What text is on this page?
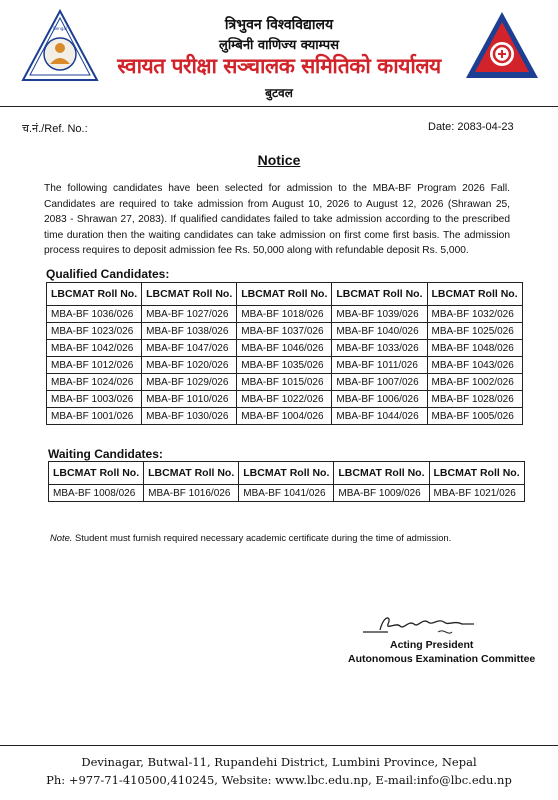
Bengal	त्रिभुवन विश्वविद्यालय
लुम्बिनी वाणिज्य क्याम्पस
स्वायत परीक्षा सञ्चालक समितिको कार्यालय
बुटवल
च.नं./Ref. No.:	Date: 2083-04-23
Notice
The following candidates have been selected for admission to the MBA-BF Program 2026 Fall. Candidates are required to take admission from August 10, 2026 to August 12, 2026 (Shrawan 25, 2083 - Shrawan 27, 2083). If qualified candidates failed to take admission according to the prescribed time duration then the waiting candidates can take admission on first come first basis. The admission process requires to deposit admission fee Rs. 50,000 along with refundable deposit Rs. 5,000.
Qualified Candidates:
LBCMAT Roll No.	LBCMAT Roll No.	LBCMAT Roll No.	LBCMAT Roll No.	LBCMAT Roll No.
MBA-BF 1036/026	MBA-BF 1027/026	MBA-BF 1018/026	MBA-BF 1039/026	MBA-BF 1032/026
MBA-BF 1023/026	MBA-BF 1038/026	MBA-BF 1037/026	MBA-BF 1040/026	MBA-BF 1025/026
MBA-BF 1042/026	MBA-BF 1047/026	MBA-BF 1046/026	MBA-BF 1033/026	MBA-BF 1048/026
MBA-BF 1012/026	MBA-BF 1020/026	MBA-BF 1035/026	MBA-BF 1011/026	MBA-BF 1043/026
MBA-BF 1024/026	MBA-BF 1029/026	MBA-BF 1015/026	MBA-BF 1007/026	MBA-BF 1002/026
MBA-BF 1003/026	MBA-BF 1010/026	MBA-BF 1022/026	MBA-BF 1006/026	MBA-BF 1028/026
MBA-BF 1001/026	MBA-BF 1030/026	MBA-BF 1004/026	MBA-BF 1044/026	MBA-BF 1005/026
Waiting Candidates:
LBCMAT Roll No.	LBCMAT Roll No.	LBCMAT Roll No.	LBCMAT Roll No.	LBCMAT Roll No.
MBA-BF 1008/026	MBA-BF 1016/026	MBA-BF 1041/026	MBA-BF 1009/026	MBA-BF 1021/026
Note. Student must furnish required necessary academic certificate during the time of admission.
Acting President
Autonomous Examination Committee
Devinagar, Butwal-11, Rupandehi District, Lumbini Province, Nepal
Ph: +977-71-410500,410245, Website: www.lbc.edu.np, E-mail:info@lbc.edu.np
